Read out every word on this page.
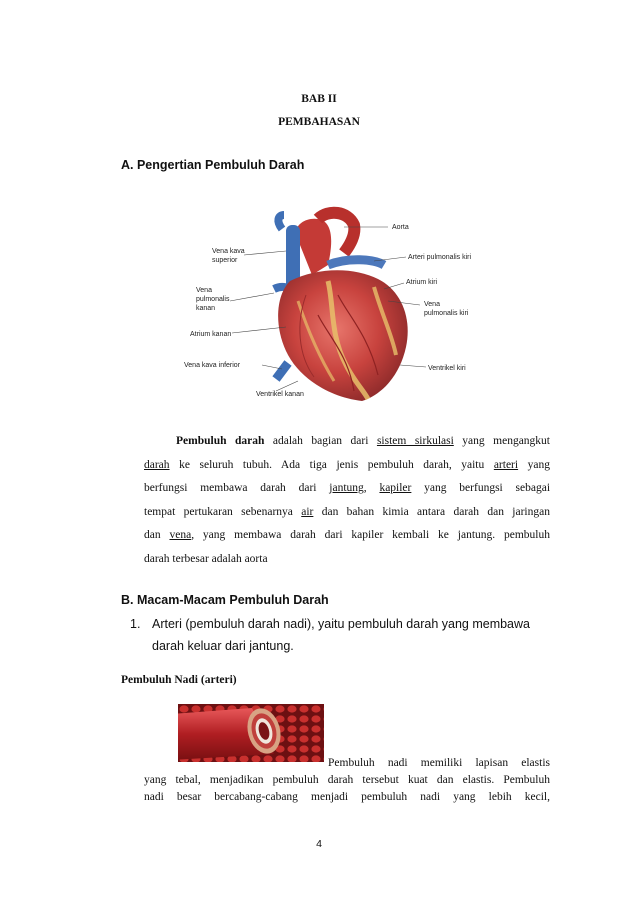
BAB II
PEMBAHASAN
A. Pengertian Pembuluh Darah
Aorta
Vena kava
superior	Arteri pulmonalis kiri
Atrium kiri
Vena
pulmonalis
kanan
Vena
pulmonalis kiri
Atrium kanan
Vena kava inferior	Ventrikel kiri
Ventrikel kanan
Pembuluh darah adalah bagian dari sistem sirkulasi yang mengangkut
darah ke seluruh tubuh. Ada tiga jenis pembuluh darah, yaitu arteri yang
berfungsi membawa darah dari jantung, kapiler yang berfungsi sebagai
tempat pertukaran sebenarnya air dan bahan kimia antara darah dan jaringan
dan vena, yang membawa darah dari kapiler kembali ke jantung. pembuluh
darah terbesar adalah aorta
B. Macam-Macam Pembuluh Darah
1. Arteri (pembuluh darah nadi), yaitu pembuluh darah yang membawa
darah keluar dari jantung.
Pembuluh Nadi (arteri)
Pembuluh nadi memiliki lapisan elastis
yang tebal, menjadikan pembuluh darah tersebut kuat dan elastis. Pembuluh
nadi besar bercabang-cabang menjadi pembuluh nadi yang lebih kecil,
4
